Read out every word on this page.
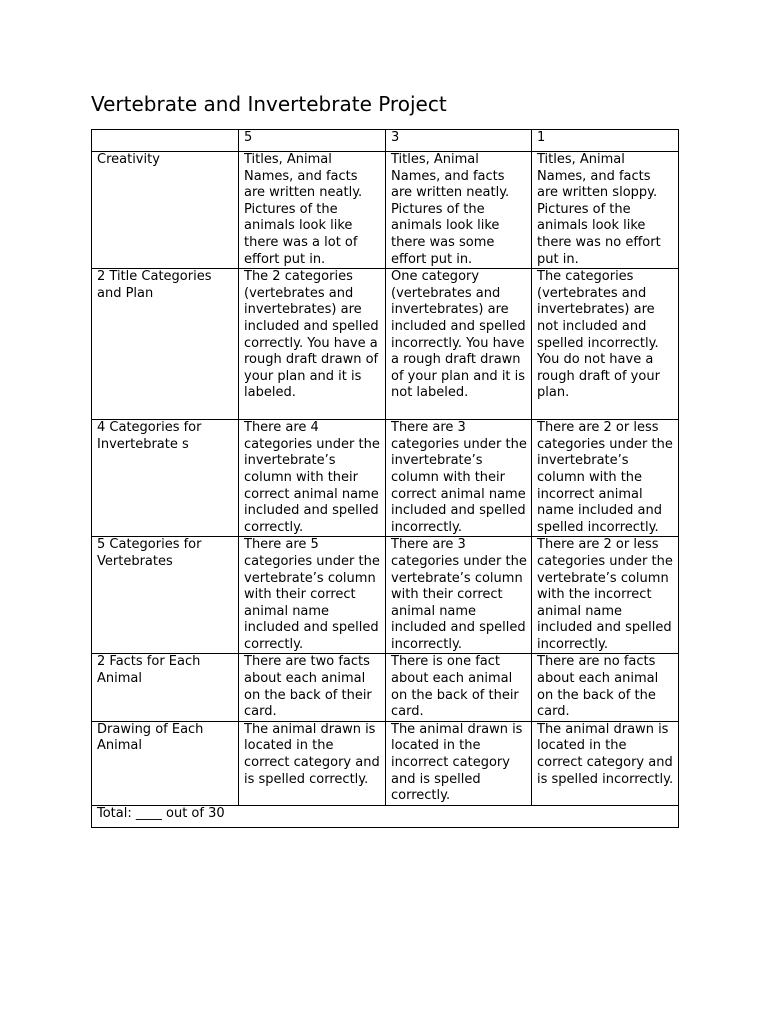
Vertebrate and Invertebrate Project
	5	3	1
Creativity	Titles, Animal Names, and facts are written neatly. Pictures of the animals look like there was a lot of effort put in.	Titles, Animal Names, and facts are written neatly. Pictures of the animals look like there was some effort put in.	Titles, Animal Names, and facts are written sloppy. Pictures of the animals look like there was no effort put in.
2 Title Categories and Plan	The 2 categories (vertebrates and invertebrates) are included and spelled correctly. You have a rough draft drawn of your plan and it is labeled.	One category (vertebrates and invertebrates) are included and spelled incorrectly. You have a rough draft drawn of your plan and it is not labeled.	The categories (vertebrates and invertebrates) are not included and spelled incorrectly. You do not have a rough draft of your plan.
4 Categories for Invertebrate s	There are 4 categories under the invertebrate’s column with their correct animal name included and spelled correctly.	There are 3 categories under the invertebrate’s column with their correct animal name included and spelled incorrectly.	There are 2 or less categories under the invertebrate’s column with the incorrect animal name included and spelled incorrectly.
5 Categories for Vertebrates	There are 5 categories under the vertebrate’s column with their correct animal name included and spelled correctly.	There are 3 categories under the vertebrate’s column with their correct animal name included and spelled incorrectly.	There are 2 or less categories under the vertebrate’s column with the incorrect animal name included and spelled incorrectly.
2 Facts for Each Animal	There are two facts about each animal on the back of their card.	There is one fact about each animal on the back of their card.	There are no facts about each animal on the back of the card.
Drawing of Each Animal	The animal drawn is located in the correct category and is spelled correctly.	The animal drawn is located in the incorrect category and is spelled correctly.	The animal drawn is located in the correct category and is spelled incorrectly.
Total: ____ out of 30			
